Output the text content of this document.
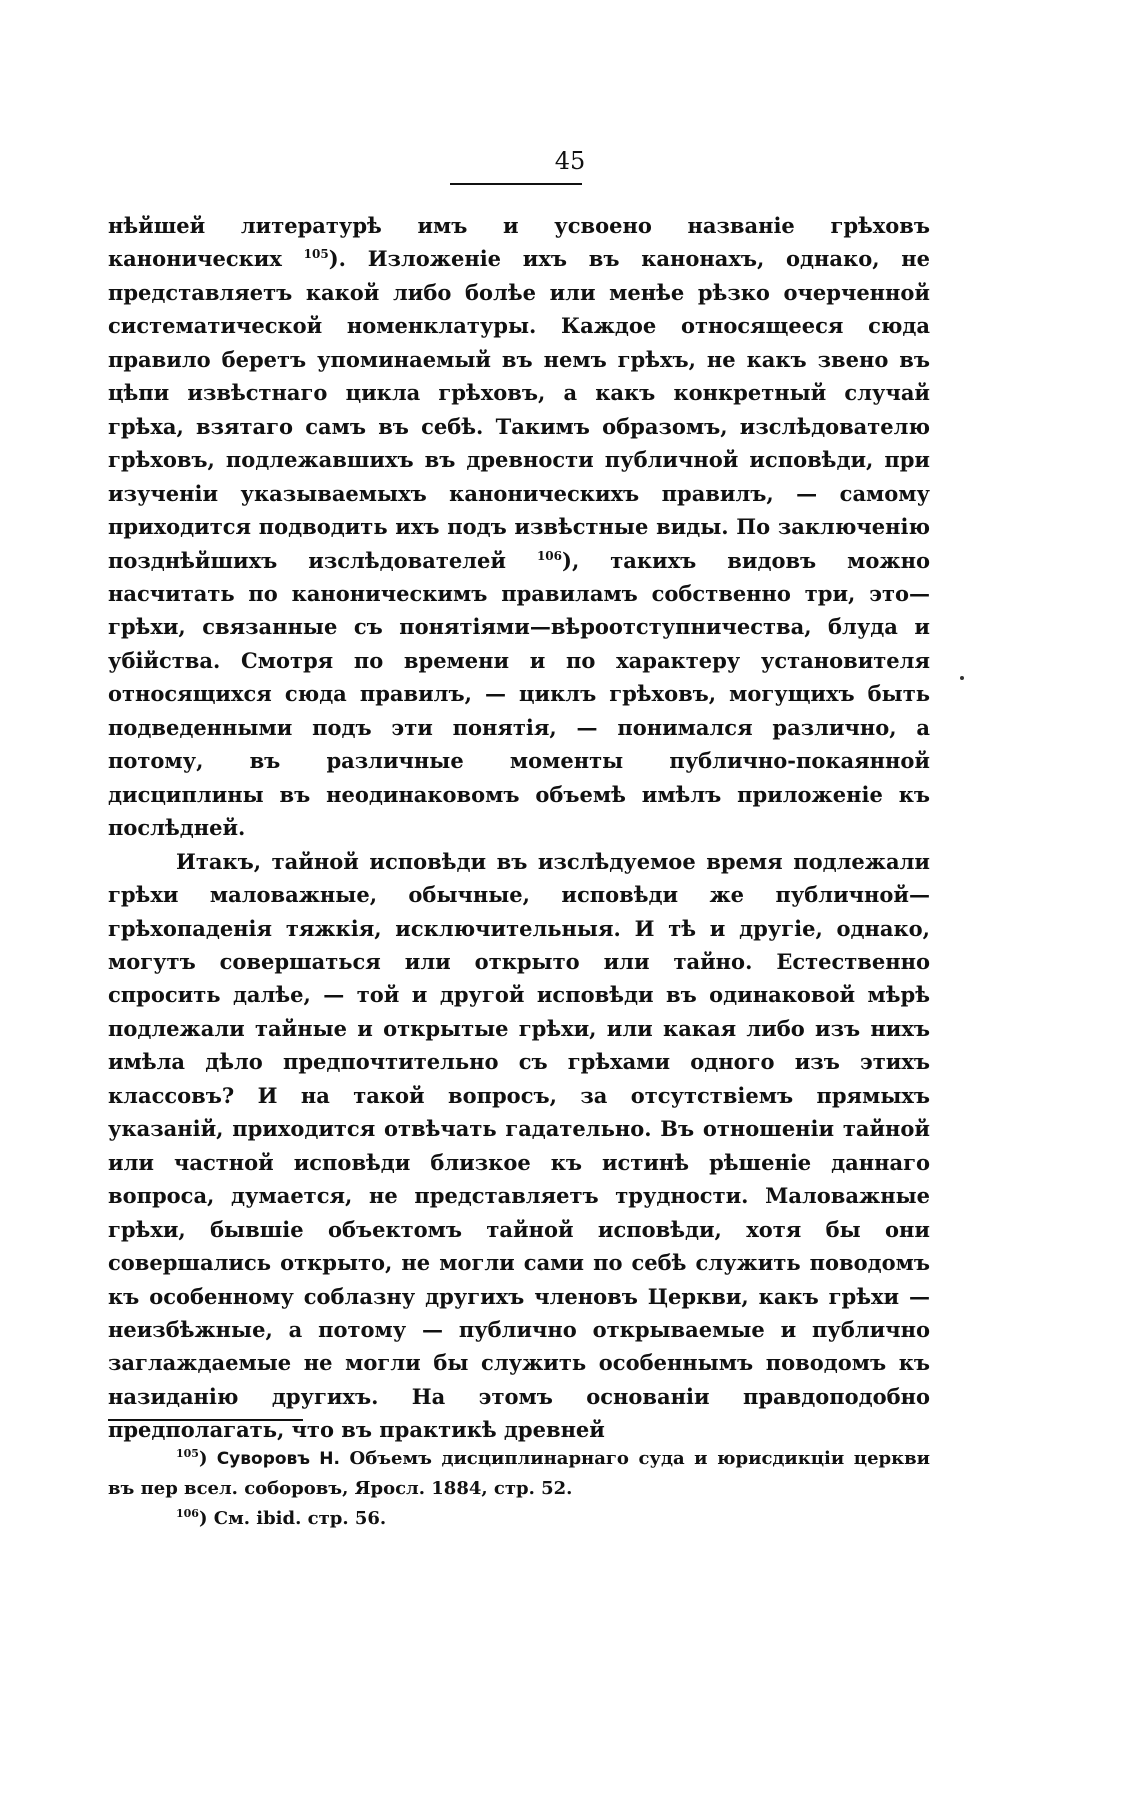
45

нѣйшей литературѣ имъ и усвоено названіе грѣховъ канонических $^{105}$). Изложеніе ихъ въ канонахъ, однако, не представляетъ какой либо болѣе или менѣе рѣзко очерченной систематической номенклатуры. Каждое относящееся сюда правило беретъ упоминаемый въ немъ грѣхъ, не какъ звено въ цѣпи извѣстнаго цикла грѣховъ, а какъ конкретный случай грѣха, взятаго самъ въ себѣ. Такимъ образомъ, изслѣдователю грѣховъ, подлежавшихъ въ древности публичной исповѣди, при изученіи указываемыхъ каноническихъ правилъ, — самому приходится подводить ихъ подъ извѣстные виды. По заключенію позднѣйшихъ изслѣдователей $^{106}$), такихъ видовъ можно насчитать по каноническимъ правиламъ собственно три, это—грѣхи, связанные съ понятіями—вѣроотступничества, блуда и убійства. Смотря по времени и по характеру установителя относящихся сюда правилъ, — циклъ грѣховъ, могущихъ быть подведенными подъ эти понятія, — понимался различно, а потому, въ различные моменты публично-покаянной дисциплины въ неодинаковомъ объемѣ имѣлъ приложеніе къ послѣдней.

Итакъ, тайной исповѣди въ изслѣдуемое время подлежали грѣхи маловажные, обычные, исповѣди же публичной—грѣхопаденія тяжкія, исключительныя. И тѣ и другіе, однако, могутъ совершаться или открыто или тайно. Естественно спросить далѣе, — той и другой исповѣди въ одинаковой мѣрѣ подлежали тайные и открытые грѣхи, или какая либо изъ нихъ имѣла дѣло предпочтительно съ грѣхами одного изъ этихъ классовъ? И на такой вопросъ, за отсутствіемъ прямыхъ указаній, приходится отвѣчать гадательно. Въ отношеніи тайной или частной исповѣди близкое къ истинѣ рѣшеніе даннаго вопроса, думается, не представляетъ трудности. Маловажные грѣхи, бывшіе объектомъ тайной исповѣди, хотя бы они совершались открыто, не могли сами по себѣ служить поводомъ къ особенному соблазну другихъ членовъ Церкви, какъ грѣхи — неизбѣжные, а потому — публично открываемые и публично заглаждаемые не могли бы служить особеннымъ поводомъ къ назиданію другихъ. На этомъ основаніи правдоподобно предполагать, что въ практикѣ древней

$^{105}$) Суворовъ Н. Объемъ дисциплинарнаго суда и юрисдикціи церкви въ пер всел. соборовъ, Яросл. 1884, стр. 52.

$^{106}$) См. ibid. стр. 56.
